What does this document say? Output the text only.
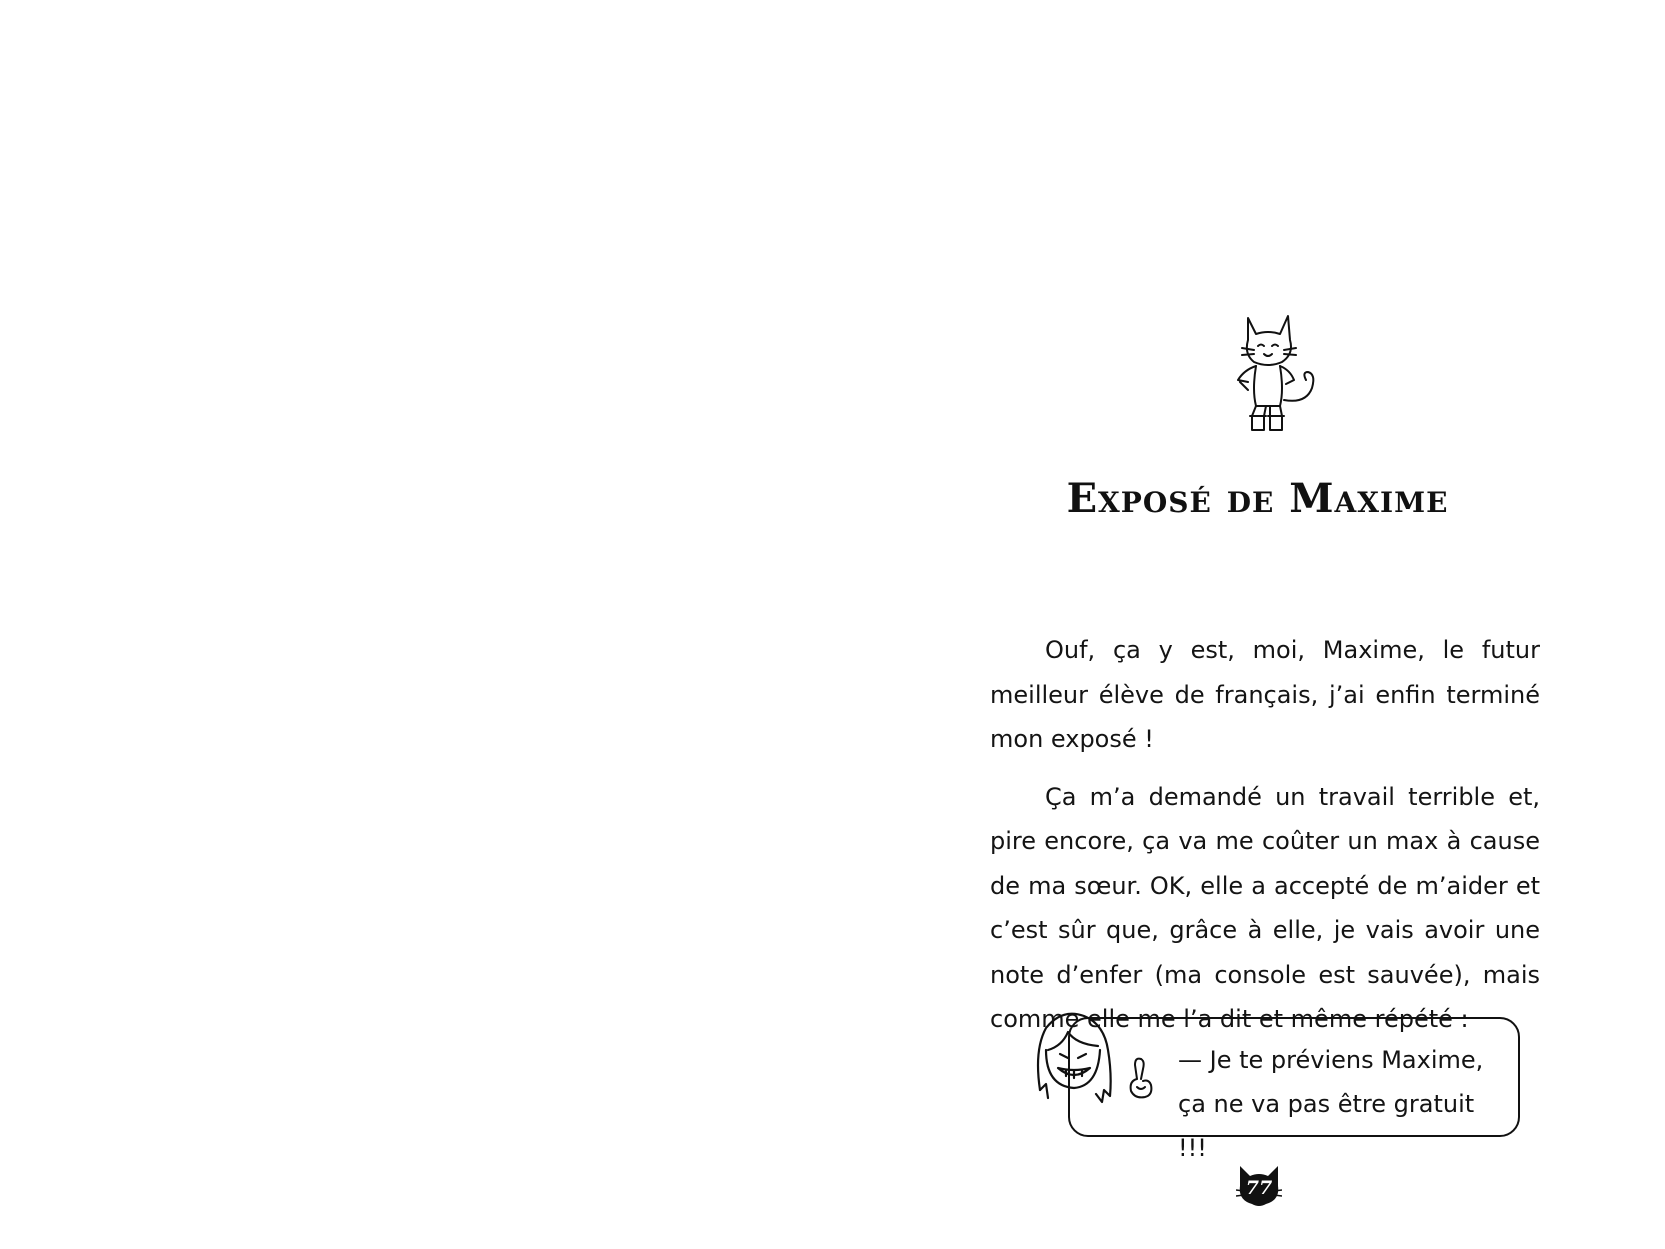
Exposé de Maxime

Ouf, ça y est, moi, Maxime, le futur meilleur élève de français, j’ai enfin terminé mon exposé !

Ça m’a demandé un travail terrible et, pire encore, ça va me coûter un max à cause de ma sœur. OK, elle a accepté de m’aider et c’est sûr que, grâce à elle, je vais avoir une note d’enfer (ma console est sauvée), mais comme elle me l’a dit et même répété :

— Je te préviens Maxime,
ça ne va pas être gratuit !!!
77
